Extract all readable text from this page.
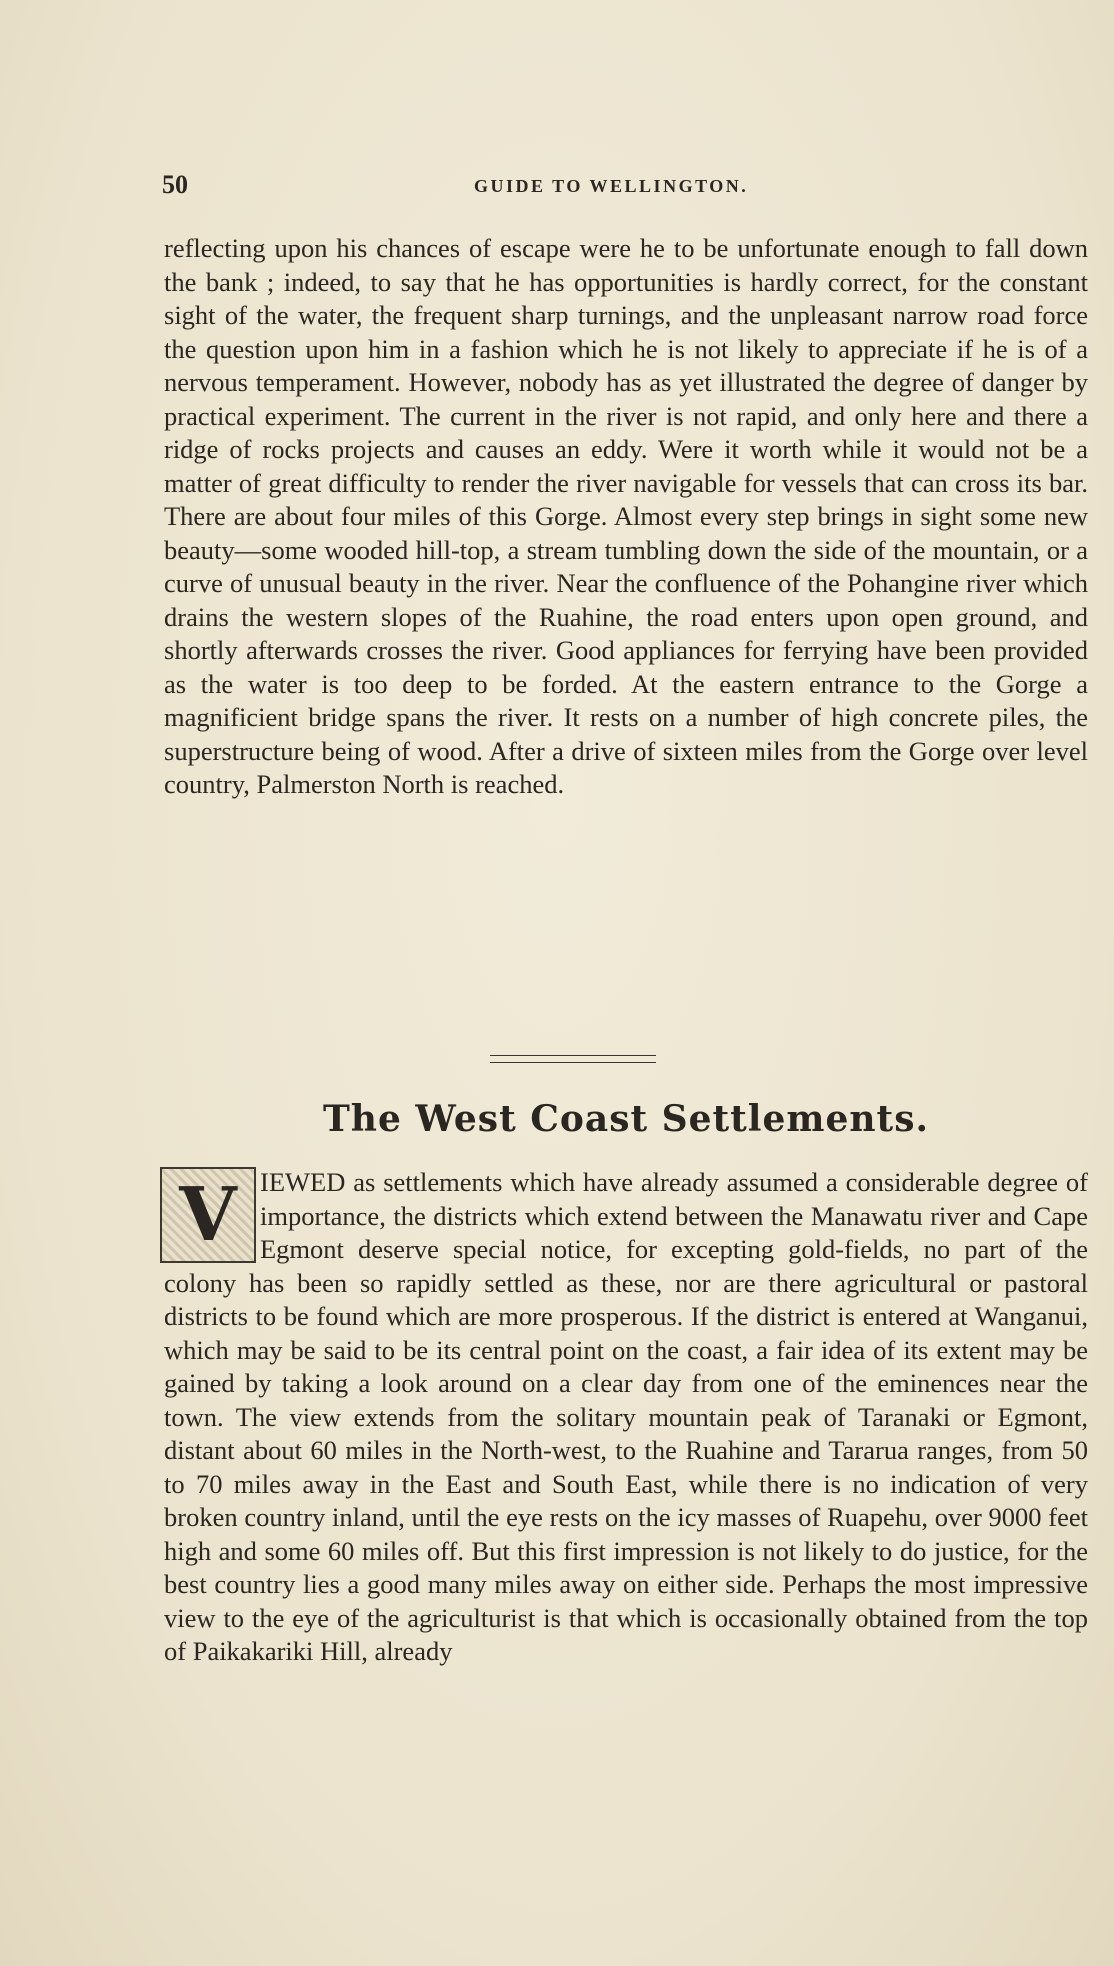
50	GUIDE TO WELLINGTON.

reflecting upon his chances of escape were he to be unfortunate enough to fall down the bank ; indeed, to say that he has opportunities is hardly correct, for the constant sight of the water, the frequent sharp turnings, and the unpleasant narrow road force the question upon him in a fashion which he is not likely to appreciate if he is of a nervous temperament. However, nobody has as yet illustrated the degree of danger by practical experiment. The current in the river is not rapid, and only here and there a ridge of rocks projects and causes an eddy. Were it worth while it would not be a matter of great difficulty to render the river navigable for vessels that can cross its bar. There are about four miles of this Gorge. Almost every step brings in sight some new beauty—some wooded hill-top, a stream tumbling down the side of the mountain, or a curve of unusual beauty in the river. Near the confluence of the Pohangine river which drains the western slopes of the Ruahine, the road enters upon open ground, and shortly afterwards crosses the river. Good appliances for ferrying have been provided as the water is too deep to be forded. At the eastern entrance to the Gorge a magnificient bridge spans the river. It rests on a number of high concrete piles, the superstructure being of wood. After a drive of sixteen miles from the Gorge over level country, Palmerston North is reached.

The West Coast Settlements.
V IEWED as settlements which have already assumed a considerable degree of importance, the districts which extend between the Manawatu river and Cape Egmont deserve special notice, for excepting gold-fields, no part of the colony has been so rapidly settled as these, nor are there agricultural or pastoral districts to be found which are more prosperous. If the district is entered at Wanganui, which may be said to be its central point on the coast, a fair idea of its extent may be gained by taking a look around on a clear day from one of the eminences near the town. The view extends from the solitary mountain peak of Taranaki or Egmont, distant about 60 miles in the North-west, to the Ruahine and Tararua ranges, from 50 to 70 miles away in the East and South East, while there is no indication of very broken country inland, until the eye rests on the icy masses of Ruapehu, over 9000 feet high and some 60 miles off. But this first impression is not likely to do justice, for the best country lies a good many miles away on either side. Perhaps the most impressive view to the eye of the agriculturist is that which is occasionally obtained from the top of Paikakariki Hill, already
